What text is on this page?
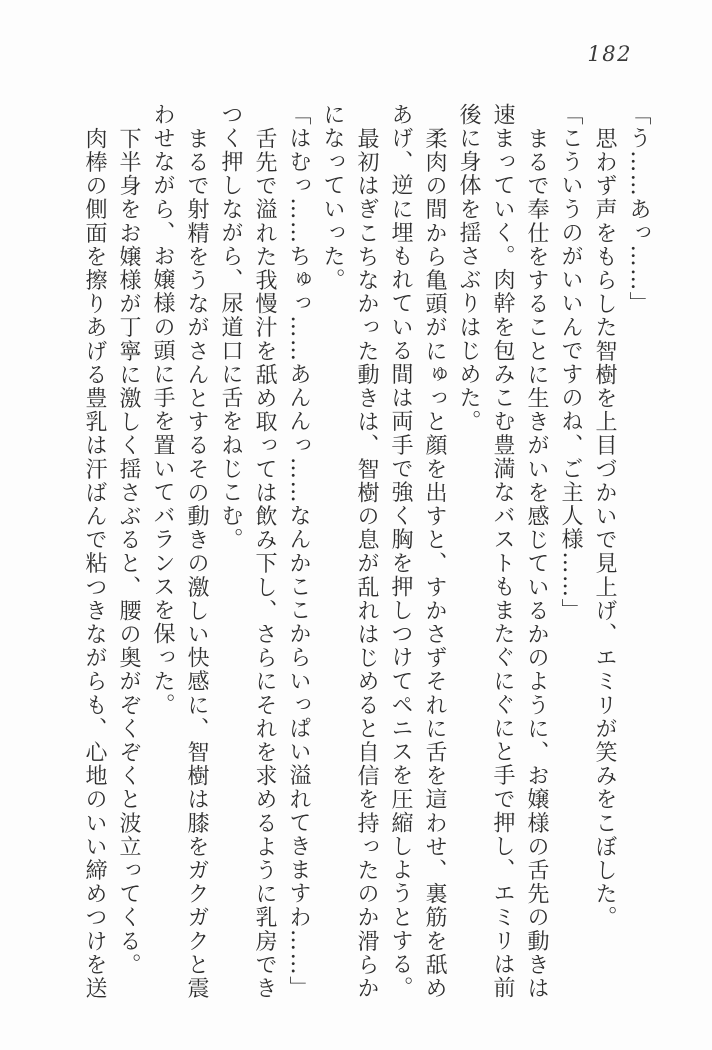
182

「う……あっ……」

思わず声をもらした智樹を上目づかいで見上げ、エミリが笑みをこぼした。

「こういうのがいいんですのね、ご主人様……」

まるで奉仕をすることに生きがいを感じているかのように、お嬢様の舌先の動きは

速まっていく。肉幹を包みこむ豊満なバストもまたぐにぐにと手で押し、エミリは前

後に身体を揺さぶりはじめた。

柔肉の間から亀頭がにゅっと顔を出すと、すかさずそれに舌を這わせ、裏筋を舐め

あげ、逆に埋もれている間は両手で強く胸を押しつけてペニスを圧縮しようとする。

最初はぎこちなかった動きは、智樹の息が乱れはじめると自信を持ったのか滑らか

になっていった。

「はむっ……ちゅっ……あんんっ……なんかここからいっぱい溢れてきますわ……」

舌先で溢れた我慢汁を舐め取っては飲み下し、さらにそれを求めるように乳房でき

つく押しながら、尿道口に舌をねじこむ。

まるで射精をうながさんとするその動きの激しい快感に、智樹は膝をガクガクと震

わせながら、お嬢様の頭に手を置いてバランスを保った。

下半身をお嬢様が丁寧に激しく揺さぶると、腰の奥がぞくぞくと波立ってくる。

肉棒の側面を擦りあげる豊乳は汗ばんで粘つきながらも、心地のいい締めつけを送
